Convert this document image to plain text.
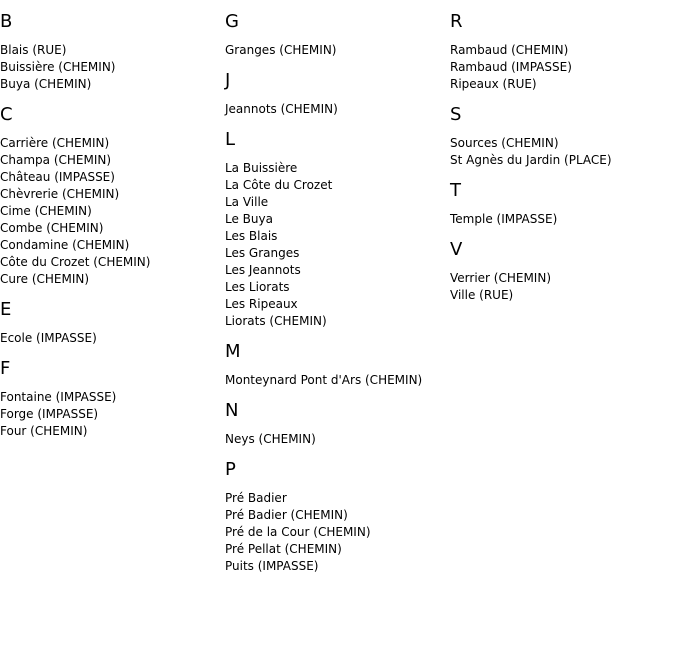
B
Blais (RUE)
Buissière (CHEMIN)
Buya (CHEMIN)
C
Carrière (CHEMIN)
Champa (CHEMIN)
Château (IMPASSE)
Chèvrerie (CHEMIN)
Cime (CHEMIN)
Combe (CHEMIN)
Condamine (CHEMIN)
Côte du Crozet (CHEMIN)
Cure (CHEMIN)
E
Ecole (IMPASSE)
F
Fontaine (IMPASSE)
Forge (IMPASSE)
Four (CHEMIN)
G
Granges (CHEMIN)
J
Jeannots (CHEMIN)
L
La Buissière
La Côte du Crozet
La Ville
Le Buya
Les Blais
Les Granges
Les Jeannots
Les Liorats
Les Ripeaux
Liorats (CHEMIN)
M
Monteynard Pont d'Ars (CHEMIN)
N
Neys (CHEMIN)
P
Pré Badier
Pré Badier (CHEMIN)
Pré de la Cour (CHEMIN)
Pré Pellat (CHEMIN)
Puits (IMPASSE)
R
Rambaud (CHEMIN)
Rambaud (IMPASSE)
Ripeaux (RUE)
S
Sources (CHEMIN)
St Agnès du Jardin (PLACE)
T
Temple (IMPASSE)
V
Verrier (CHEMIN)
Ville (RUE)
